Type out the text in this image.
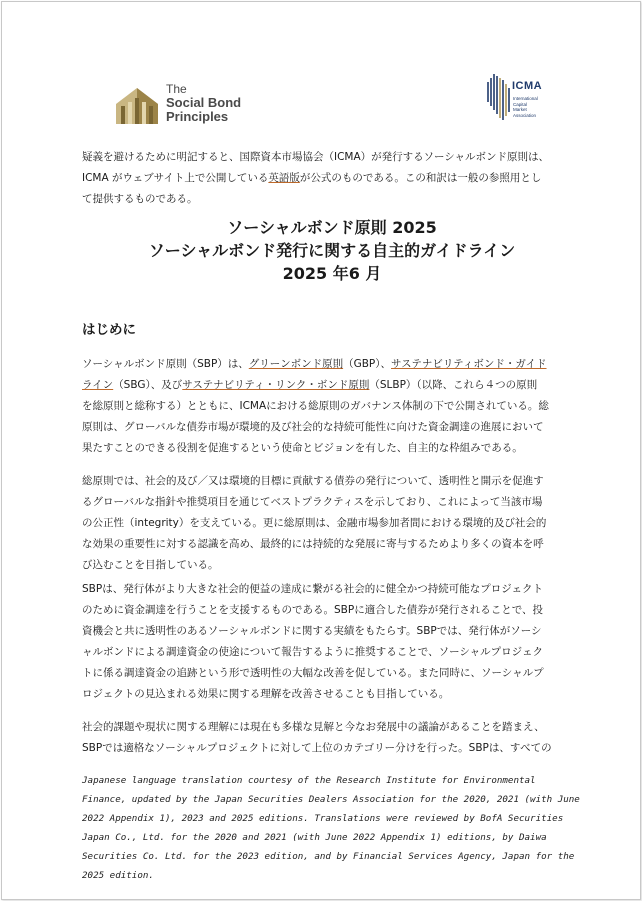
The
Social Bond
Principles
ICMA
International
Capital
Market
Association
疑義を避けるために明記すると、国際資本市場協会（ICMA）が発行するソーシャルボンド原則は、
ICMA がウェブサイト上で公開している英語版が公式のものである。この和訳は一般の参照用とし
て提供するものである。
ソーシャルボンド原則 2025
ソーシャルボンド発行に関する自主的ガイドライン
2025 年6 月
はじめに
ソーシャルボンド原則（SBP）は、グリーンボンド原則（GBP）、サステナビリティボンド・ガイド
ライン（SBG）、及びサステナビリティ・リンク・ボンド原則（SLBP）（以降、これら４つの原則
を総原則と総称する）とともに、ICMAにおける総原則のガバナンス体制の下で公開されている。総
原則は、グローバルな債券市場が環境的及び社会的な持続可能性に向けた資金調達の進展において
果たすことのできる役割を促進するという使命とビジョンを有した、自主的な枠組みである。
総原則では、社会的及び／又は環境的目標に貢献する債券の発行について、透明性と開示を促進す
るグローバルな指針や推奨項目を通じてベストプラクティスを示しており、これによって当該市場
の公正性（integrity）を支えている。更に総原則は、金融市場参加者間における環境的及び社会的
な効果の重要性に対する認識を高め、最終的には持続的な発展に寄与するためより多くの資本を呼
び込むことを目指している。
SBPは、発行体がより大きな社会的便益の達成に繋がる社会的に健全かつ持続可能なプロジェクト
のために資金調達を行うことを支援するものである。SBPに適合した債券が発行されることで、投
資機会と共に透明性のあるソーシャルボンドに関する実績をもたらす。SBPでは、発行体がソーシ
ャルボンドによる調達資金の使途について報告するように推奨することで、ソーシャルプロジェク
トに係る調達資金の追跡という形で透明性の大幅な改善を促している。また同時に、ソーシャルプ
ロジェクトの見込まれる効果に関する理解を改善させることも目指している。
社会的課題や現状に関する理解には現在も多様な見解と今なお発展中の議論があることを踏まえ、
SBPでは適格なソーシャルプロジェクトに対して上位のカテゴリー分けを行った。SBPは、すべての
Japanese language translation courtesy of the Research Institute for Environmental
Finance, updated by the Japan Securities Dealers Association for the 2020, 2021 (with June
2022 Appendix 1), 2023 and 2025 editions. Translations were reviewed by BofA Securities
Japan Co., Ltd. for the 2020 and 2021 (with June 2022 Appendix 1) editions, by Daiwa
Securities Co. Ltd. for the 2023 edition, and by Financial Services Agency, Japan for the
2025 edition.
